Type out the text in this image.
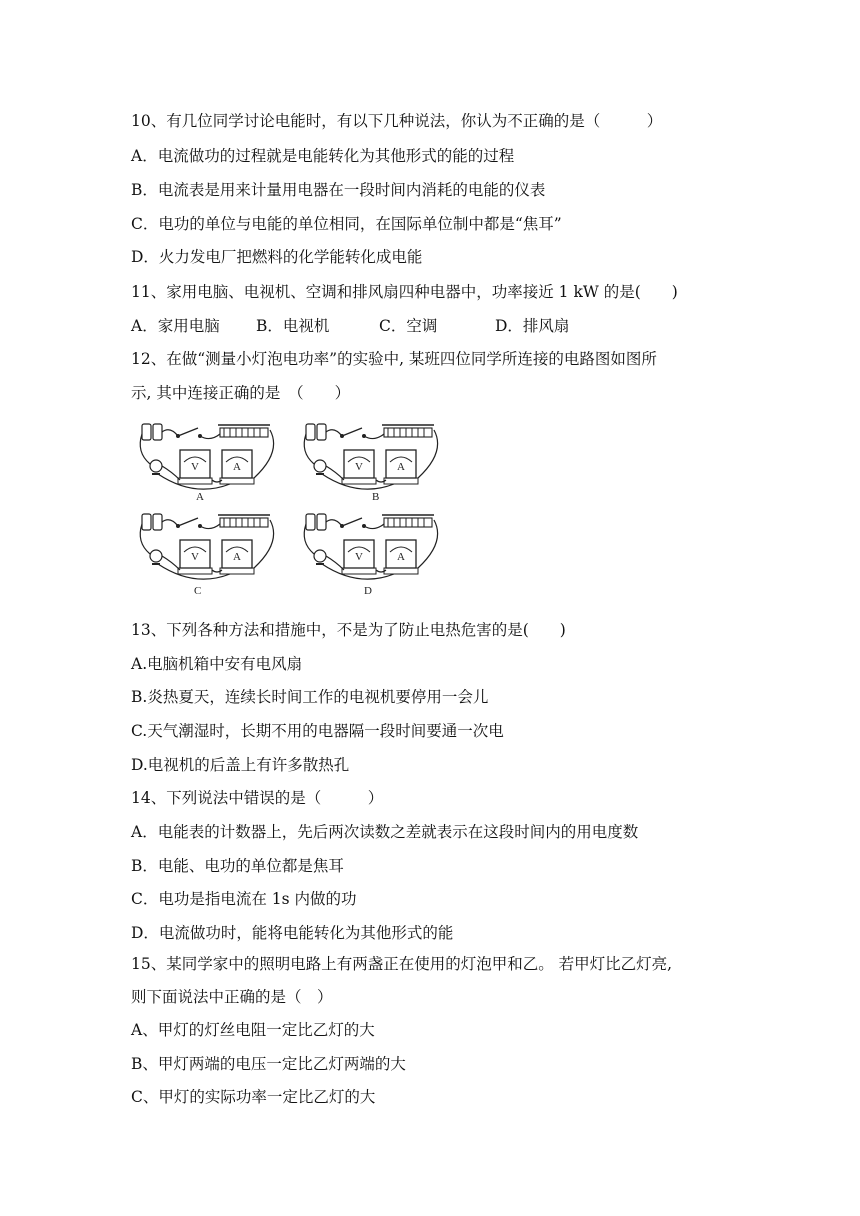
10、有几位同学讨论电能时，有以下几种说法，你认为不正确的是（　　　）
A．电流做功的过程就是电能转化为其他形式的能的过程
B．电流表是用来计量用电器在一段时间内消耗的电能的仪表
C．电功的单位与电能的单位相同，在国际单位制中都是“焦耳”
D．火力发电厂把燃料的化学能转化成电能
11、家用电脑、电视机、空调和排风扇四种电器中，功率接近 1 kW 的是(　　)
A．家用电脑 B．电视机	C．空调	D．排风扇
12、在做“测量小灯泡电功率”的实验中, 某班四位同学所连接的电路图如图所
示, 其中连接正确的是　（　　）
A	B
C	D
13、下列各种方法和措施中，不是为了防止电热危害的是(　　)
A.电脑机箱中安有电风扇
B.炎热夏天，连续长时间工作的电视机要停用一会儿
C.天气潮湿时，长期不用的电器隔一段时间要通一次电
D.电视机的后盖上有许多散热孔
14、下列说法中错误的是（　　　）
A．电能表的计数器上，先后两次读数之差就表示在这段时间内的用电度数
B．电能、电功的单位都是焦耳
C．电功是指电流在 1s 内做的功
D．电流做功时，能将电能转化为其他形式的能
15、某同学家中的照明电路上有两盏正在使用的灯泡甲和乙。 若甲灯比乙灯亮,
则下面说法中正确的是（　）
A、甲灯的灯丝电阻一定比乙灯的大
B、甲灯两端的电压一定比乙灯两端的大
C、甲灯的实际功率一定比乙灯的大
